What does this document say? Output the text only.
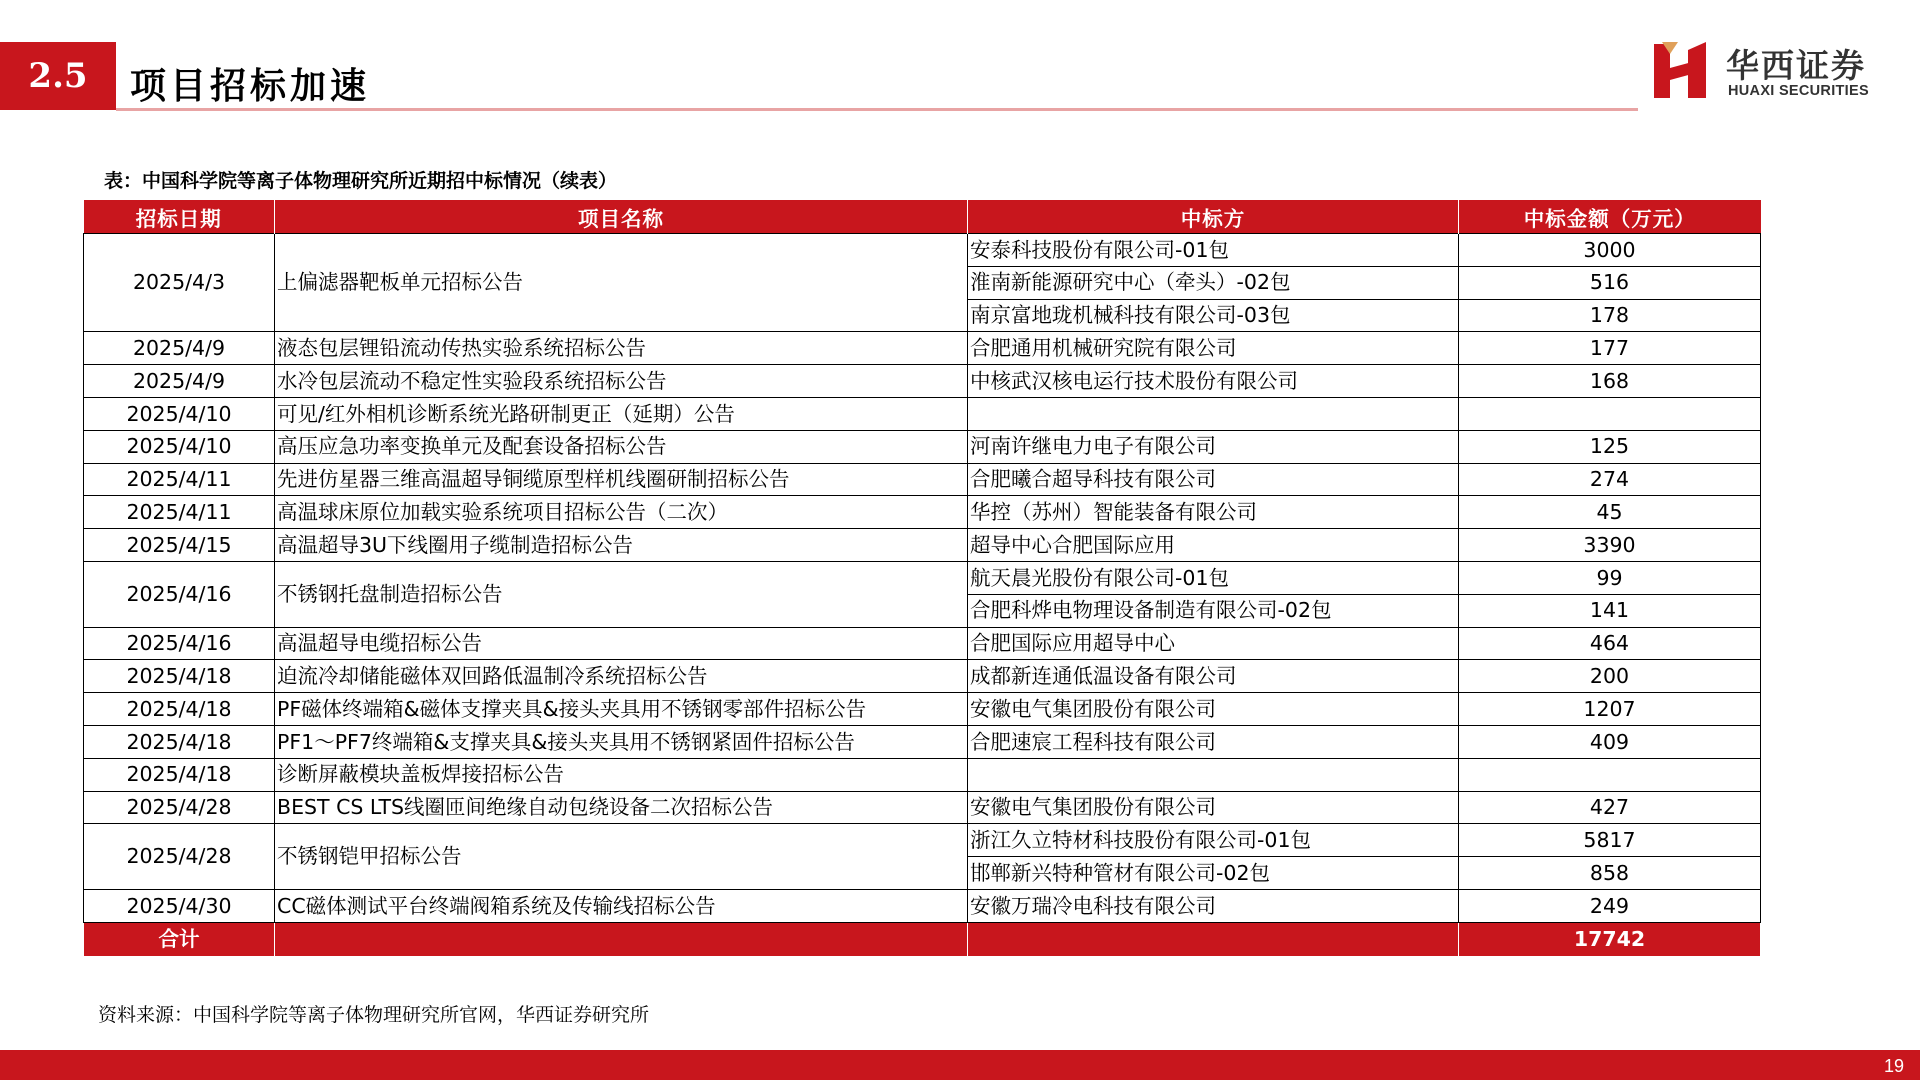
2.5 项目招标加速
华西证券
HUAXI SECURITIES
表：中国科学院等离子体物理研究所近期招中标情况（续表）
招标日期	项目名称	中标方	中标金额（万元）
2025/4/3	上偏滤器靶板单元招标公告	安泰科技股份有限公司-01包	3000
		淮南新能源研究中心（牵头）-02包	516
		南京富地珑机械科技有限公司-03包	178
2025/4/9	液态包层锂铅流动传热实验系统招标公告	合肥通用机械研究院有限公司	177
2025/4/9	水冷包层流动不稳定性实验段系统招标公告	中核武汉核电运行技术股份有限公司	168
2025/4/10	可见/红外相机诊断系统光路研制更正（延期）公告		
2025/4/10	高压应急功率变换单元及配套设备招标公告	河南许继电力电子有限公司	125
2025/4/11	先进仿星器三维高温超导铜缆原型样机线圈研制招标公告	合肥曦合超导科技有限公司	274
2025/4/11	高温球床原位加载实验系统项目招标公告（二次）	华控（苏州）智能装备有限公司	45
2025/4/15	高温超导3U下线圈用子缆制造招标公告	超导中心合肥国际应用	3390
2025/4/16	不锈钢托盘制造招标公告	航天晨光股份有限公司-01包	99
		合肥科烨电物理设备制造有限公司-02包	141
2025/4/16	高温超导电缆招标公告	合肥国际应用超导中心	464
2025/4/18	迫流冷却储能磁体双回路低温制冷系统招标公告	成都新连通低温设备有限公司	200
2025/4/18	PF磁体终端箱&磁体支撑夹具&接头夹具用不锈钢零部件招标公告	安徽电气集团股份有限公司	1207
2025/4/18	PF1～PF7终端箱&支撑夹具&接头夹具用不锈钢紧固件招标公告	合肥速宸工程科技有限公司	409
2025/4/18	诊断屏蔽模块盖板焊接招标公告		
2025/4/28	BEST CS LTS线圈匝间绝缘自动包绕设备二次招标公告	安徽电气集团股份有限公司	427
2025/4/28	不锈钢铠甲招标公告	浙江久立特材科技股份有限公司-01包	5817
		邯郸新兴特种管材有限公司-02包	858
2025/4/30	CC磁体测试平台终端阀箱系统及传输线招标公告	安徽万瑞冷电科技有限公司	249
合计			17742
资料来源：中国科学院等离子体物理研究所官网，华西证券研究所
19
